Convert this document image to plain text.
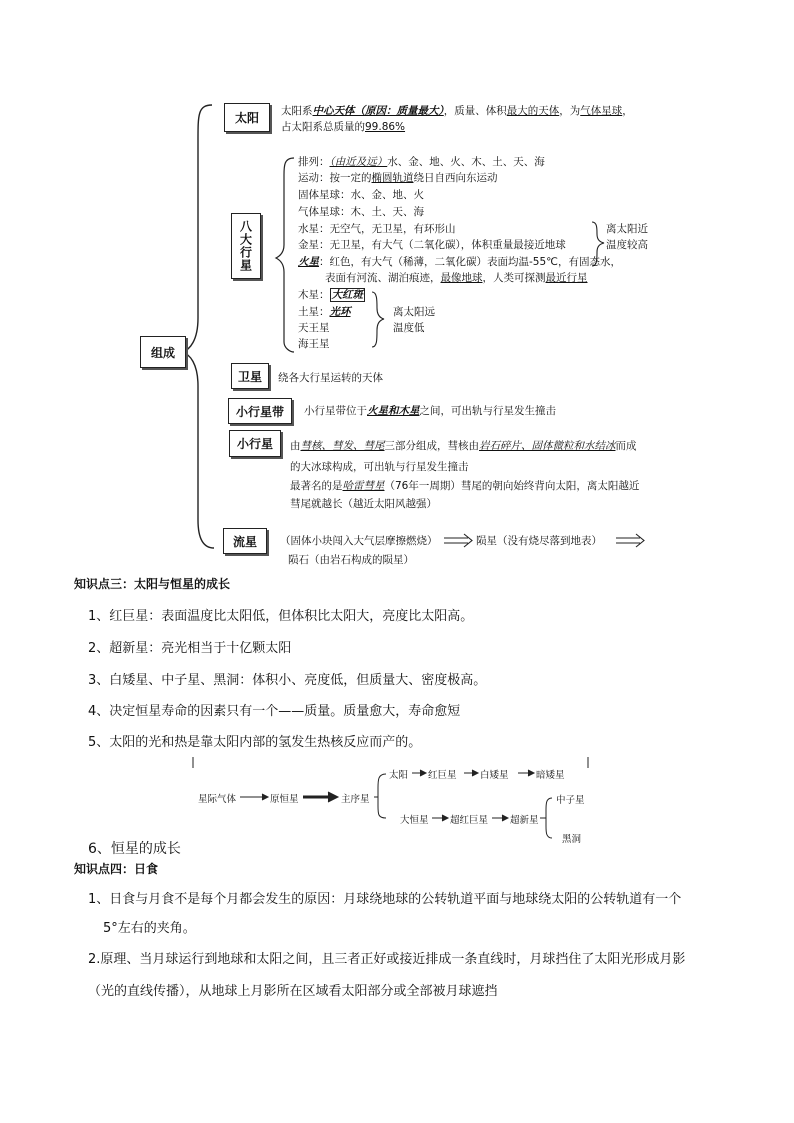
组成
太阳 太阳系中心天体（原因：质量最大），质量、体积最大的天体，为气体星球，
占太阳系总质量的99.86%
八大行星
排列：（由近及远）水、金、地、火、木、土、天、海
运动：按一定的椭圆轨道绕日自西向东运动
固体星球：水、金、地、火
气体星球：木、土、天、海
水星：无空气，无卫星，有环形山
金星：无卫星，有大气（二氧化碳），体积重量最接近地球
火星：红色，有大气（稀薄，二氧化碳）表面均温-55℃，有固态水，
表面有河流、湖泊痕迹，最像地球，人类可探测最近行星
离太阳近
温度较高
木星： 大红斑
土星：光环
天王星
海王星
离太阳远
温度低
卫星 绕各大行星运转的天体
小行星带 小行星带位于火星和木星之间，可出轨与行星发生撞击
小行星 由彗核、彗发、彗尾三部分组成，彗核由岩石碎片、固体微粒和水结冰而成
的大冰球构成，可出轨与行星发生撞击
最著名的是哈雷彗星（76年一周期）彗尾的朝向始终背向太阳，离太阳越近
彗尾就越长（越近太阳风越强）
流星 （固体小块闯入大气层摩擦燃烧）	陨星（没有烧尽落到地表）
陨石（由岩石构成的陨星）
知识点三：太阳与恒星的成长
1、红巨星：表面温度比太阳低，但体积比太阳大，亮度比太阳高。
2、超新星：亮光相当于十亿颗太阳
3、白矮星、中子星、黑洞：体积小、亮度低，但质量大、密度极高。
4、决定恒星寿命的因素只有一个——质量。质量愈大，寿命愈短
5、太阳的光和热是靠太阳内部的氢发生热核反应而产的。
星际气体	原恒星	主序星
太阳 红巨星 白矮星	暗矮星
大恒星 超红巨星 超新星
中子星
黑洞
6、恒星的成长
知识点四：日食
1、日食与月食不是每个月都会发生的原因：月球绕地球的公转轨道平面与地球绕太阳的公转轨道有一个
5°左右的夹角。
2.原理、当月球运行到地球和太阳之间，且三者正好或接近排成一条直线时，月球挡住了太阳光形成月影
（光的直线传播），从地球上月影所在区域看太阳部分或全部被月球遮挡
